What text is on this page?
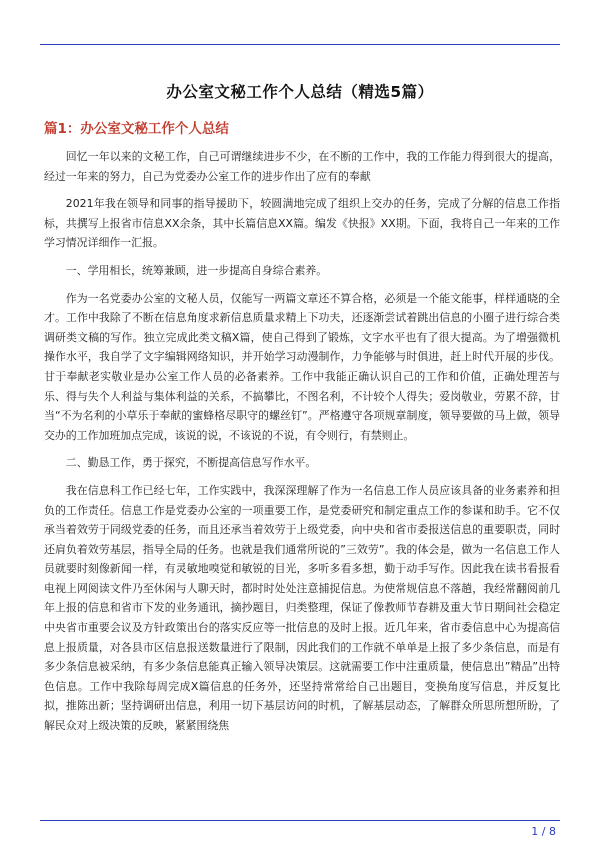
办公室文秘工作个人总结（精选5篇）
篇1：办公室文秘工作个人总结

回忆一年以来的文秘工作，自己可谓继续进步不少，在不断的工作中，我的工作能力得到很大的提高，经过一年来的努力，自己为党委办公室工作的进步作出了应有的奉献

2021年我在领导和同事的指导援助下，较圆满地完成了组织上交办的任务，完成了分解的信息工作指标，共撰写上报省市信息XX余条，其中长篇信息XX篇。编发《快报》XX期。下面，我将自己一年来的工作学习情况详细作一汇报。

一、学用相长，统筹兼顾，进一步提高自身综合素养。

作为一名党委办公室的文秘人员，仅能写一两篇文章还不算合格，必须是一个能文能事，样样通晓的全才。工作中我除了不断在信息角度求新信息质量求精上下功夫，还逐渐尝试着跳出信息的小圈子进行综合类调研类文稿的写作。独立完成此类文稿X篇，使自己得到了锻炼，文字水平也有了很大提高。为了增强微机操作水平，我自学了文字编辑网络知识，并开始学习动漫制作，力争能够与时俱进，赶上时代开展的步伐。甘于奉献老实敬业是办公室工作人员的必备素养。工作中我能正确认识自己的工作和价值，正确处理苦与乐、得与失个人利益与集体利益的关系，不搞攀比，不图名利，不计较个人得失；爱岗敬业，劳累不辞，甘当“不为名利的小草乐于奉献的蜜蜂格尽职守的螺丝钉”。严格遵守各项规章制度，领导要做的马上做，领导交办的工作加班加点完成，该说的说，不该说的不说，有令则行，有禁则止。

二、勤恳工作，勇于探究，不断提高信息写作水平。

我在信息科工作已经七年，工作实践中，我深深理解了作为一名信息工作人员应该具备的业务素养和担负的工作责任。信息工作是党委办公室的一项重要工作，是党委研究和制定重点工作的参谋和助手。它不仅承当着效劳于同级党委的任务，而且还承当着效劳于上级党委，向中央和省市委报送信息的重要职责，同时还肩负着效劳基层，指导全局的任务。也就是我们通常所说的”三效劳”。我的体会是，做为一名信息工作人员就要时刻像新闻一样，有灵敏地嗅觉和敏锐的目光，多听多看多想，勤于动手写作。因此我在读书看报看电视上网阅读文件乃至休闲与人聊天时，都时时处处注意捕捉信息。为使常规信息不落趟，我经常翻阅前几年上报的信息和省市下发的业务通讯，摘抄题目，归类整理，保证了像教师节春耕及重大节日期间社会稳定中央省市重要会议及方针政策出台的落实反应等一批信息的及时上报。近几年来，省市委信息中心为提高信息上报质量，对各县市区信息报送数量进行了限制，因此我们的工作就不单单是上报了多少条信息，而是有多少条信息被采纳，有多少条信息能真正输入领导决策层。这就需要工作中注重质量，使信息出”精品”出特色信息。工作中我除每周完成X篇信息的任务外，还坚持常常给自己出题目，变换角度写信息，并反复比拟，推陈出新；坚持调研出信息，利用一切下基层访问的时机，了解基层动态，了解群众所思所想所盼，了解民众对上级决策的反映，紧紧围绕焦

1 / 8
